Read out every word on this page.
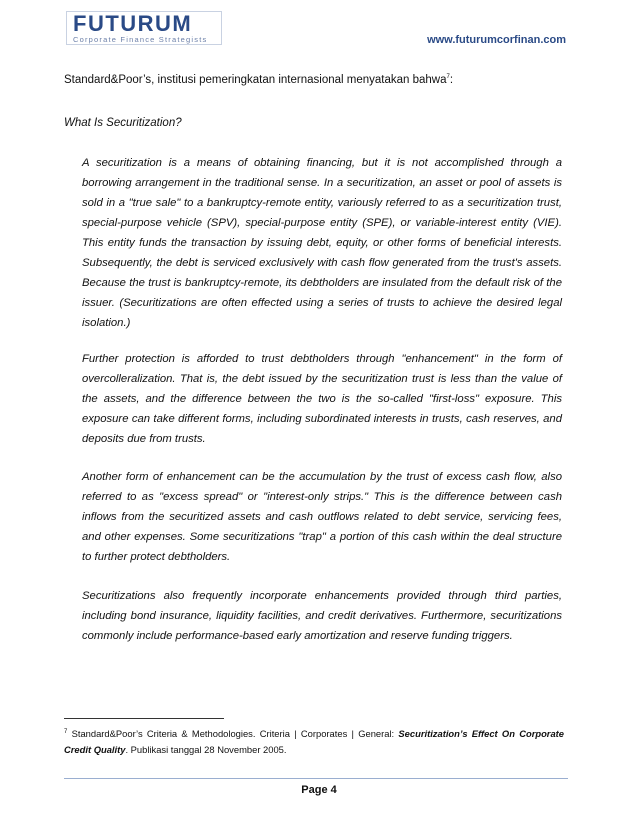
FUTURUM
Corporate Finance Strategists	www.futurumcorfinan.com
Standard&Poor’s, institusi pemeringkatan internasional menyatakan bahwa$^7$:
What Is Securitization?

A securitization is a means of obtaining financing, but it is not accomplished through a borrowing arrangement in the traditional sense. In a securitization, an asset or pool of assets is sold in a "true sale" to a bankruptcy-remote entity, variously referred to as a securitization trust, special-purpose vehicle (SPV), special-purpose entity (SPE), or variable-interest entity (VIE). This entity funds the transaction by issuing debt, equity, or other forms of beneficial interests. Subsequently, the debt is serviced exclusively with cash flow generated from the trust's assets. Because the trust is bankruptcy-remote, its debtholders are insulated from the default risk of the issuer. (Securitizations are often effected using a series of trusts to achieve the desired legal isolation.)

Further protection is afforded to trust debtholders through "enhancement" in the form of overcolleralization. That is, the debt issued by the securitization trust is less than the value of the assets, and the difference between the two is the so-called "first-loss" exposure. This exposure can take different forms, including subordinated interests in trusts, cash reserves, and deposits due from trusts.

Another form of enhancement can be the accumulation by the trust of excess cash flow, also referred to as "excess spread" or "interest-only strips." This is the difference between cash inflows from the securitized assets and cash outflows related to debt service, servicing fees, and other expenses. Some securitizations "trap" a portion of this cash within the deal structure to further protect debtholders.

Securitizations also frequently incorporate enhancements provided through third parties, including bond insurance, liquidity facilities, and credit derivatives. Furthermore, securitizations commonly include performance-based early amortization and reserve funding triggers.

$^7$ Standard&Poor’s Criteria & Methodologies. Criteria | Corporates | General: Securitization’s Effect On Corporate Credit Quality. Publikasi tanggal 28 November 2005.

Page 4
